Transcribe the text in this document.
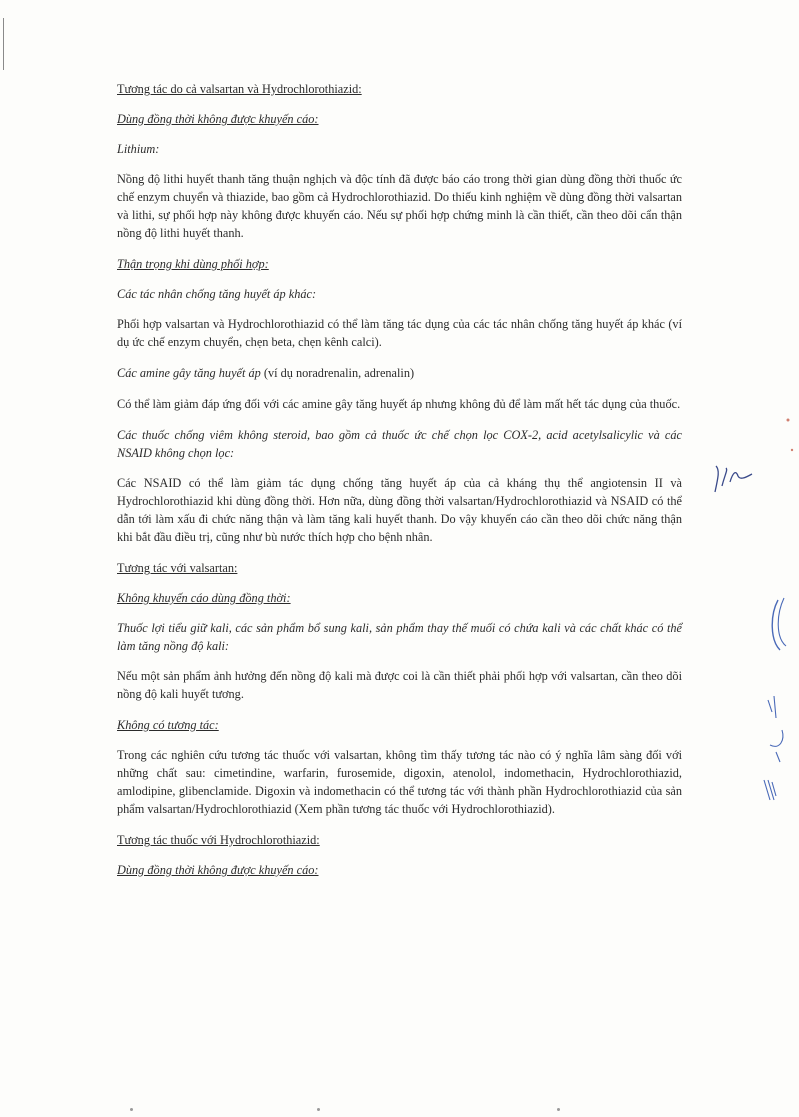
Tương tác do cả valsartan và Hydrochlorothiazid:

Dùng đồng thời không được khuyến cáo:

Lithium:

Nồng độ lithi huyết thanh tăng thuận nghịch và độc tính đã được báo cáo trong thời gian dùng đồng thời thuốc ức chế enzym chuyển và thiazide, bao gồm cả Hydrochlorothiazid. Do thiếu kinh nghiệm về dùng đồng thời valsartan và lithi, sự phối hợp này không được khuyến cáo. Nếu sự phối hợp chứng minh là cần thiết, cần theo dõi cẩn thận nồng độ lithi huyết thanh.

Thận trọng khi dùng phối hợp:

Các tác nhân chống tăng huyết áp khác:

Phối hợp valsartan và Hydrochlorothiazid có thể làm tăng tác dụng của các tác nhân chống tăng huyết áp khác (ví dụ ức chế enzym chuyển, chẹn beta, chẹn kênh calci).

Các amine gây tăng huyết áp (ví dụ noradrenalin, adrenalin)

Có thể làm giảm đáp ứng đối với các amine gây tăng huyết áp nhưng không đủ để làm mất hết tác dụng của thuốc.

Các thuốc chống viêm không steroid, bao gồm cả thuốc ức chế chọn lọc COX-2, acid acetylsalicylic và các NSAID không chọn lọc:

Các NSAID có thể làm giảm tác dụng chống tăng huyết áp của cả kháng thụ thể angiotensin II và Hydrochlorothiazid khi dùng đồng thời. Hơn nữa, dùng đồng thời valsartan/Hydrochlorothiazid và NSAID có thể dẫn tới làm xấu đi chức năng thận và làm tăng kali huyết thanh. Do vậy khuyến cáo cần theo dõi chức năng thận khi bắt đầu điều trị, cũng như bù nước thích hợp cho bệnh nhân.

Tương tác với valsartan:

Không khuyến cáo dùng đồng thời:

Thuốc lợi tiểu giữ kali, các sản phẩm bổ sung kali, sản phẩm thay thế muối có chứa kali và các chất khác có thể làm tăng nồng độ kali:

Nếu một sản phẩm ảnh hưởng đến nồng độ kali mà được coi là cần thiết phải phối hợp với valsartan, cần theo dõi nồng độ kali huyết tương.

Không có tương tác:

Trong các nghiên cứu tương tác thuốc với valsartan, không tìm thấy tương tác nào có ý nghĩa lâm sàng đối với những chất sau: cimetindine, warfarin, furosemide, digoxin, atenolol, indomethacin, Hydrochlorothiazid, amlodipine, glibenclamide. Digoxin và indomethacin có thể tương tác với thành phần Hydrochlorothiazid của sản phẩm valsartan/Hydrochlorothiazid (Xem phần tương tác thuốc với Hydrochlorothiazid).

Tương tác thuốc với Hydrochlorothiazid:

Dùng đồng thời không được khuyến cáo:
